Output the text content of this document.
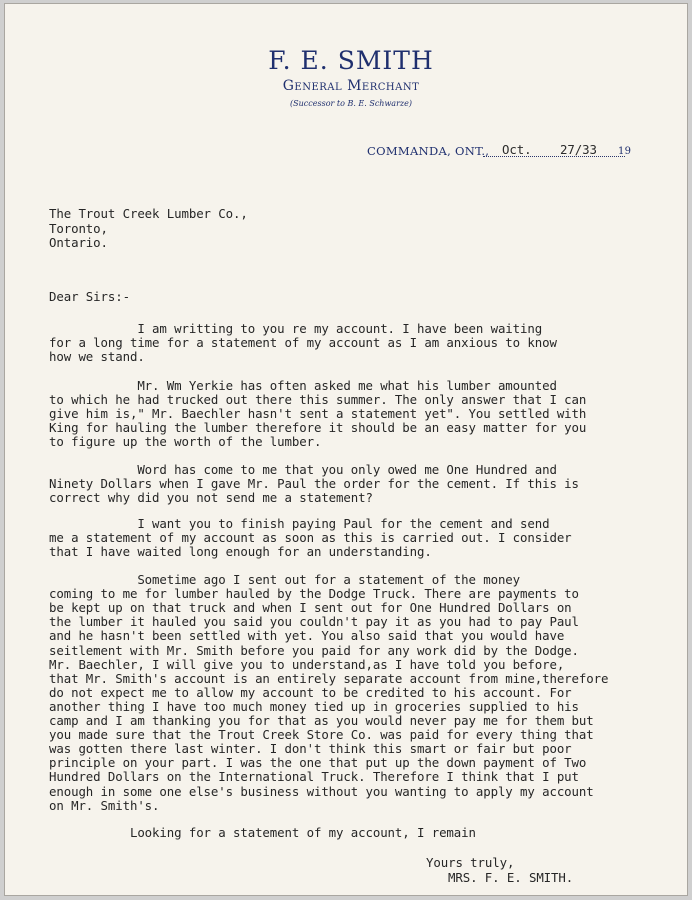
F. E. SMITH
General Merchant
(Successor to B. E. Schwarze)
COMMANDA, ONT., Oct. 27/33 19
The Trout Creek Lumber Co.,
Toronto,
Ontario.
Dear Sirs:-
I am writting to you re my account. I have been waiting
for a long time for a statement of my account as I am anxious to know
how we stand.
Mr. Wm Yerkie has often asked me what his lumber amounted
to which he had trucked out there this summer. The only answer that I can
give him is," Mr. Baechler hasn't sent a statement yet". You settled with
King for hauling the lumber therefore it should be an easy matter for you
to figure up the worth of the lumber.
Word has come to me that you only owed me One Hundred and
Ninety Dollars when I gave Mr. Paul the order for the cement. If this is
correct why did you not send me a statement?
I want you to finish paying Paul for the cement and send
me a statement of my account as soon as this is carried out. I consider
that I have waited long enough for an understanding.
Sometime ago I sent out for a statement of the money
coming to me for lumber hauled by the Dodge Truck. There are payments to
be kept up on that truck and when I sent out for One Hundred Dollars on
the lumber it hauled you said you couldn't pay it as you had to pay Paul
and he hasn't been settled with yet. You also said that you would have
seitlement with Mr. Smith before you paid for any work did by the Dodge.
Mr. Baechler, I will give you to understand,as I have told you before,
that Mr. Smith's account is an entirely separate account from mine,therefore
do not expect me to allow my account to be credited to his account. For
another thing I have too much money tied up in groceries supplied to his
camp and I am thanking you for that as you would never pay me for them but
you made sure that the Trout Creek Store Co. was paid for every thing that
was gotten there last winter. I don't think this smart or fair but poor
principle on your part. I was the one that put up the down payment of Two
Hundred Dollars on the International Truck. Therefore I think that I put
enough in some one else's business without you wanting to apply my account
on Mr. Smith's.
Looking for a statement of my account, I remain
Yours truly,
MRS. F. E. SMITH.
